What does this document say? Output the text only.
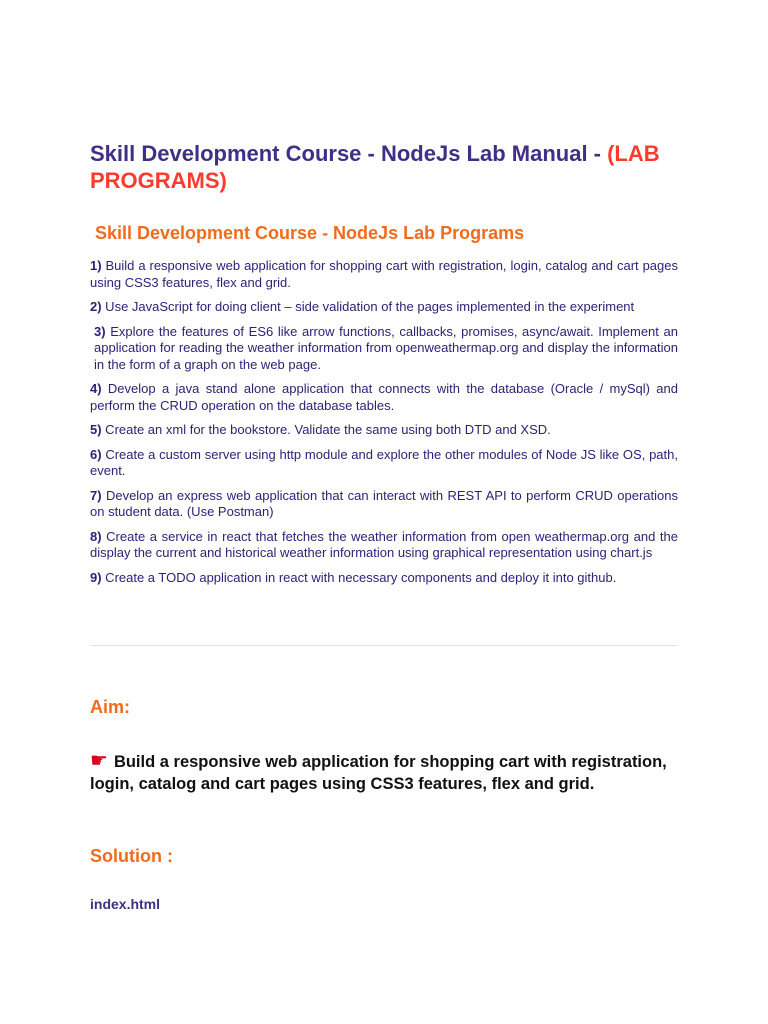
Skill Development Course - NodeJs Lab Manual - (LAB PROGRAMS)
Skill Development Course - NodeJs Lab Programs

1) Build a responsive web application for shopping cart with registration, login, catalog and cart pages using CSS3 features, flex and grid.

2) Use JavaScript for doing client – side validation of the pages implemented in the experiment

3) Explore the features of ES6 like arrow functions, callbacks, promises, async/await. Implement an application for reading the weather information from openweathermap.org and display the information in the form of a graph on the web page.

4) Develop a java stand alone application that connects with the database (Oracle / mySql) and perform the CRUD operation on the database tables.

5) Create an xml for the bookstore. Validate the same using both DTD and XSD.

6) Create a custom server using http module and explore the other modules of Node JS like OS, path, event.

7) Develop an express web application that can interact with REST API to perform CRUD operations on student data. (Use Postman)

8) Create a service in react that fetches the weather information from open weathermap.org and the display the current and historical weather information using graphical representation using chart.js

9) Create a TODO application in react with necessary components and deploy it into github.

Aim:

☛ Build a responsive web application for shopping cart with registration, login, catalog and cart pages using CSS3 features, flex and grid.

Solution :

index.html
